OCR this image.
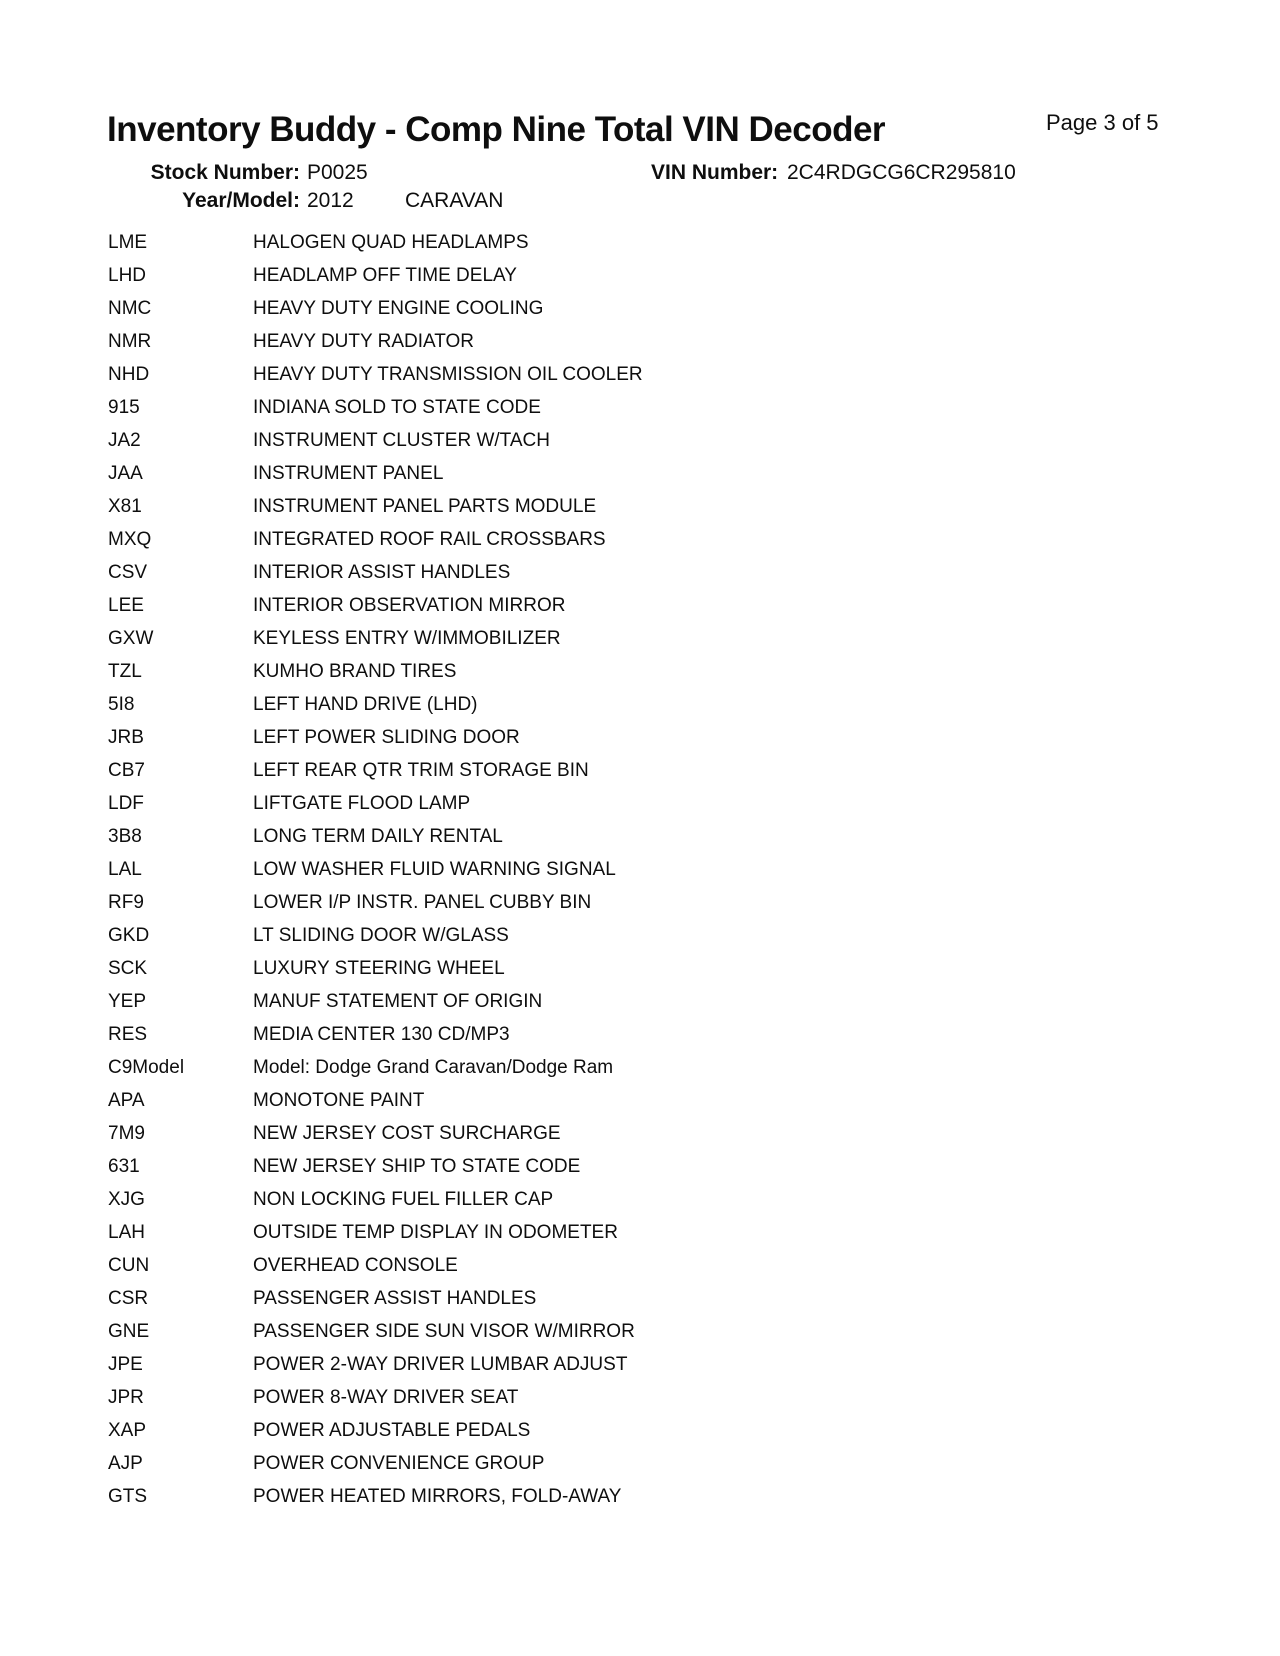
Inventory Buddy - Comp Nine Total VIN Decoder	Page 3 of 5
Stock Number: P0025	VIN Number: 2C4RDGCG6CR295810
Year/Model: 2012 CARAVAN
LME	HALOGEN QUAD HEADLAMPS
LHD	HEADLAMP OFF TIME DELAY
NMC	HEAVY DUTY ENGINE COOLING
NMR	HEAVY DUTY RADIATOR
NHD	HEAVY DUTY TRANSMISSION OIL COOLER
915	INDIANA SOLD TO STATE CODE
JA2	INSTRUMENT CLUSTER W/TACH
JAA	INSTRUMENT PANEL
X81	INSTRUMENT PANEL PARTS MODULE
MXQ	INTEGRATED ROOF RAIL CROSSBARS
CSV	INTERIOR ASSIST HANDLES
LEE	INTERIOR OBSERVATION MIRROR
GXW	KEYLESS ENTRY W/IMMOBILIZER
TZL	KUMHO BRAND TIRES
5I8	LEFT HAND DRIVE (LHD)
JRB	LEFT POWER SLIDING DOOR
CB7	LEFT REAR QTR TRIM STORAGE BIN
LDF	LIFTGATE FLOOD LAMP
3B8	LONG TERM DAILY RENTAL
LAL	LOW WASHER FLUID WARNING SIGNAL
RF9	LOWER I/P INSTR. PANEL CUBBY BIN
GKD	LT SLIDING DOOR W/GLASS
SCK	LUXURY STEERING WHEEL
YEP	MANUF STATEMENT OF ORIGIN
RES	MEDIA CENTER 130 CD/MP3
C9Model	Model: Dodge Grand Caravan/Dodge Ram
APA	MONOTONE PAINT
7M9	NEW JERSEY COST SURCHARGE
631	NEW JERSEY SHIP TO STATE CODE
XJG	NON LOCKING FUEL FILLER CAP
LAH	OUTSIDE TEMP DISPLAY IN ODOMETER
CUN	OVERHEAD CONSOLE
CSR	PASSENGER ASSIST HANDLES
GNE	PASSENGER SIDE SUN VISOR W/MIRROR
JPE	POWER 2-WAY DRIVER LUMBAR ADJUST
JPR	POWER 8-WAY DRIVER SEAT
XAP	POWER ADJUSTABLE PEDALS
AJP	POWER CONVENIENCE GROUP
GTS	POWER HEATED MIRRORS, FOLD-AWAY
